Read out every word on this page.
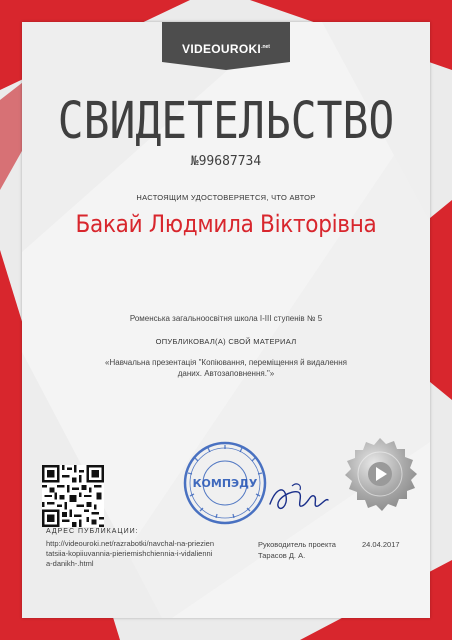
$VIDEOUROKI^{.net}$
СВИДЕТЕЛЬСТВО
№99687734
НАСТОЯЩИМ УДОСТОВЕРЯЕТСЯ, ЧТО АВТОР
Бакай Людмила Вікторівна
Роменська загальноосвітня школа І-ІІІ ступенів № 5
ОПУБЛИКОВАЛ(А) СВОЙ МАТЕРИАЛ
«Навчальна презентація "Копіювання, переміщення й видалення даних. Автозаповнення."»
АДРЕС ПУБЛИКАЦИИ:
http://videouroki.net/razrabotki/navchal-na-priezientatsiia-kopiiuvannia-pieriemishchiennia-i-vidaliennia-danikh-.html
КОМПЭДУ
Руководитель проекта
Тарасов Д. А.
24.04.2017
